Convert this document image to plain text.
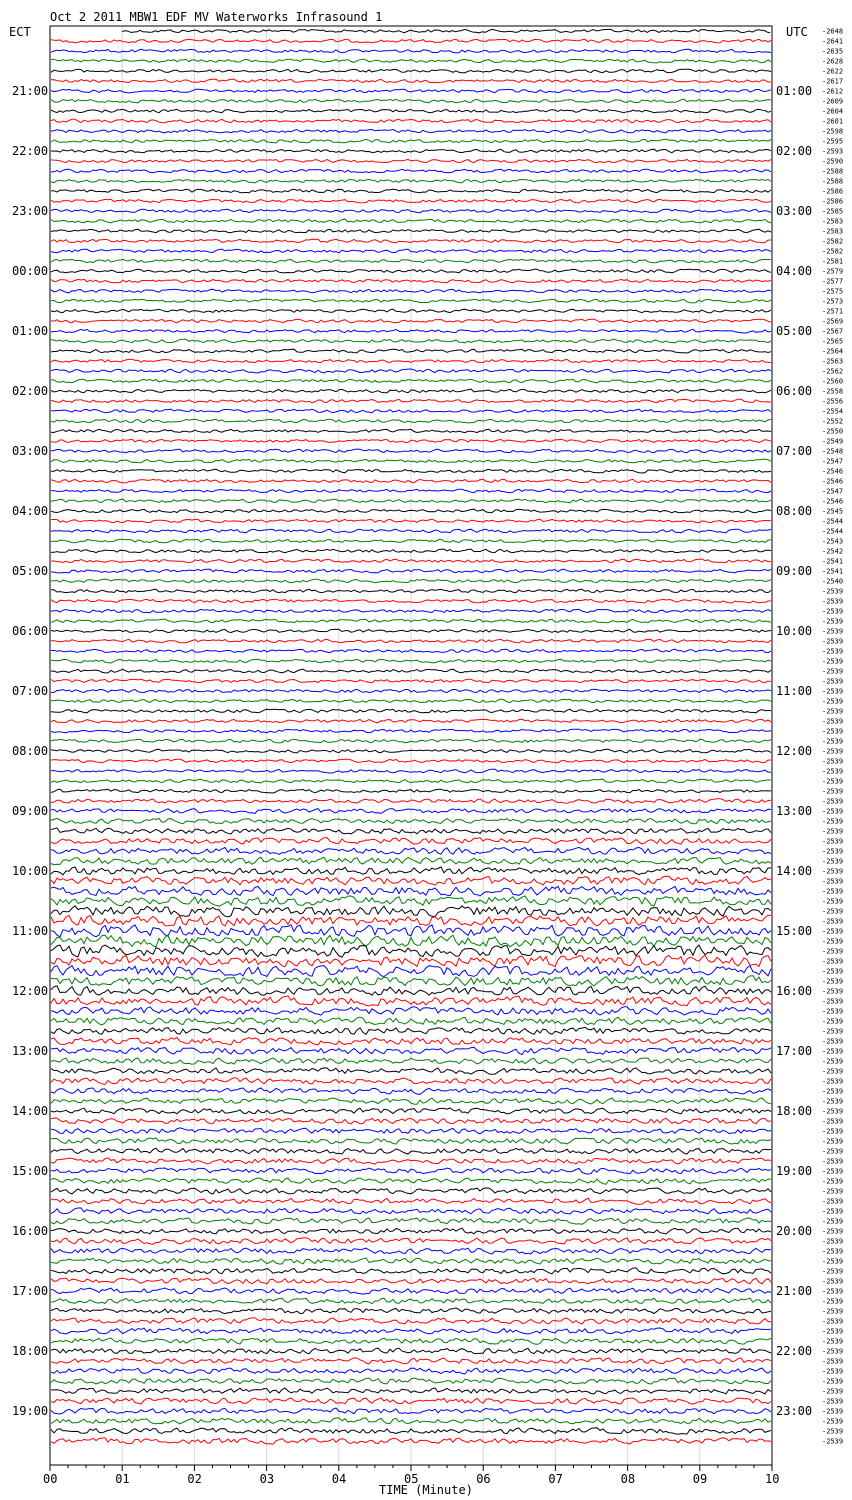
Oct 2 2011 MBW1 EDF MV Waterworks Infrasound 1
ECT	UTC
21:00
22:00
23:00
00:00
01:00
02:00
03:00
04:00
05:00
06:00
07:00
08:00
09:00
10:00
11:00
12:00
13:00
14:00
15:00
16:00
17:00
18:00
19:00
01:00
02:00
03:00
04:00
05:00
06:00
07:00
08:00
09:00
10:00
11:00
12:00
13:00
14:00
15:00
16:00
17:00
18:00
19:00
20:00
21:00
22:00
23:00
-2648
-2641
-2635
-2628
-2622
-2617
-2612
-2609
-2604
-2601
-2598
-2595
-2593
-2590
-2588
-2588
-2586
-2586
-2585
-2583
-2583
-2582
-2582
-2581
-2579
-2577
-2575
-2573
-2571
-2569
-2567
-2565
-2564
-2563
-2562
-2560
-2558
-2556
-2554
-2552
-2550
-2549
-2548
-2547
-2546
-2546
-2547
-2546
-2545
-2544
-2544
-2543
-2542
-2541
-2541
-2540
-2539
-2539
-2539
-2539
-2539
-2539
-2539
-2539
-2539
-2539
-2539
-2539
-2539
-2539
-2539
-2539
-2539
-2539
-2539
-2539
-2539
-2539
-2539
-2539
-2539
-2539
-2539
-2539
-2539
-2539
-2539
-2539
-2539
-2539
-2539
-2539
-2539
-2539
-2539
-2539
-2539
-2539
-2539
-2539
-2539
-2539
-2539
-2539
-2539
-2539
-2539
-2539
-2539
-2539
-2539
-2539
-2539
-2539
-2539
-2539
-2539
-2539
-2539
-2539
-2539
-2539
-2539
-2539
-2539
-2539
-2539
-2539
-2539
-2539
-2539
-2539
-2539
-2539
-2539
-2539
-2539
-2539
-2539
-2539
-2539
-2539
00	01	02	03	04	05	06	07	08	09	10
TIME (Minute)
